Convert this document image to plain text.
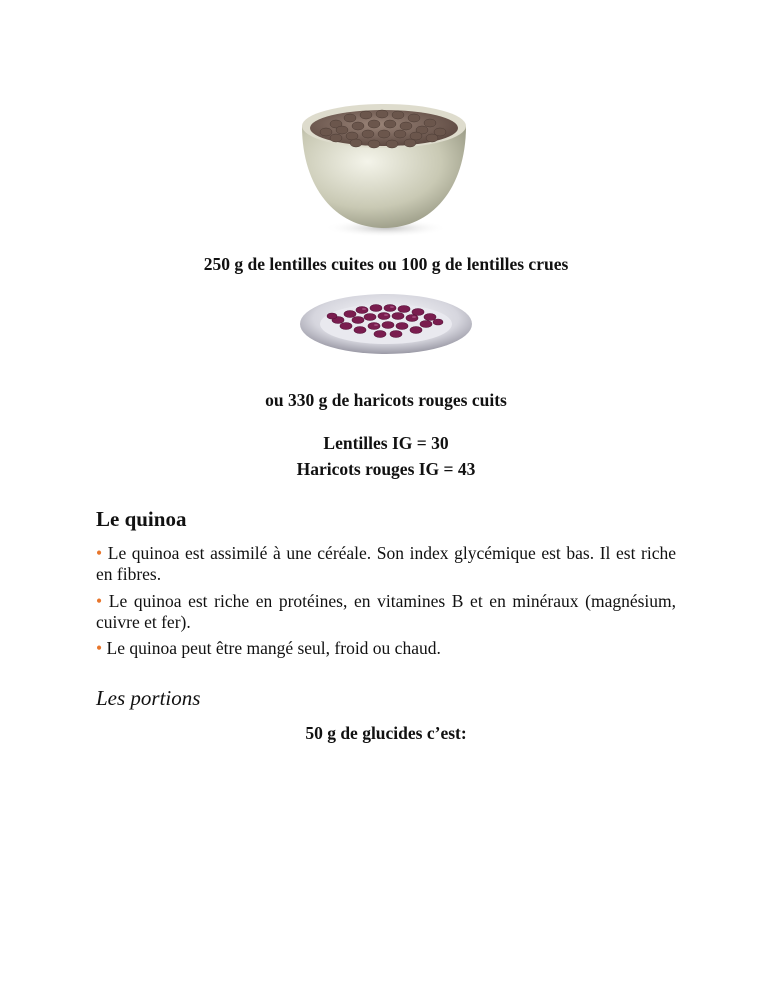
250 g de lentilles cuites ou 100 g de lentilles crues
ou 330 g de haricots rouges cuits
Lentilles IG = 30
Haricots rouges IG = 43
Le quinoa
• Le quinoa est assimilé à une céréale. Son index glycémique est bas. Il est riche en fibres.
• Le quinoa est riche en protéines, en vitamines B et en minéraux (magnésium, cuivre et fer).
• Le quinoa peut être mangé seul, froid ou chaud.
Les portions
50 g de glucides c’est:
